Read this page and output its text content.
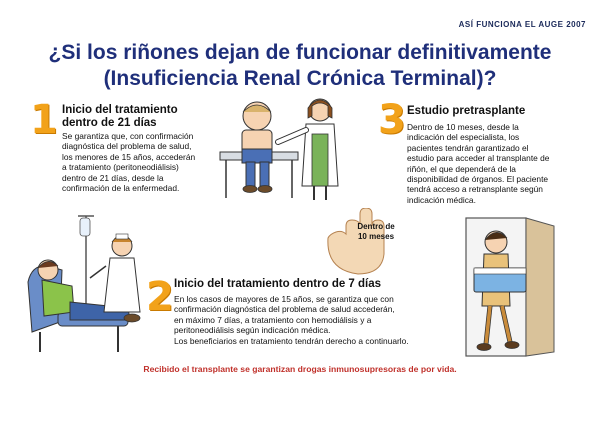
ASÍ FUNCIONA EL AUGE 2007
¿Si los riñones dejan de funcionar definitivamente
(Insuficiencia Renal Crónica Terminal)?
1 Inicio del tratamiento dentro de 21 días
Se garantiza que, con confirmación diagnóstica del problema de salud, los menores de 15 años, accederán a tratamiento (peritoneodiálisis) dentro de 21 días, desde la confirmación de la enfermedad.
3 Estudio pretrasplante
Dentro de 10 meses, desde la indicación del especialista, los pacientes tendrán garantizado el estudio para acceder al transplante de riñón, el que dependerá de la disponibilidad de órganos. El paciente tendrá acceso a retransplante según indicación médica.
Dentro de
10 meses
2 Inicio del tratamiento dentro de 7 días
En los casos de mayores de 15 años, se garantiza que con
confirmación diagnóstica del problema de salud accederán,
en máximo 7 días, a tratamiento con hemodiálisis y a
peritoneodiálisis según indicación médica.
Los beneficiarios en tratamiento tendrán derecho a continuarlo.
Recibido el transplante se garantizan drogas inmunosupresoras de por vida.
